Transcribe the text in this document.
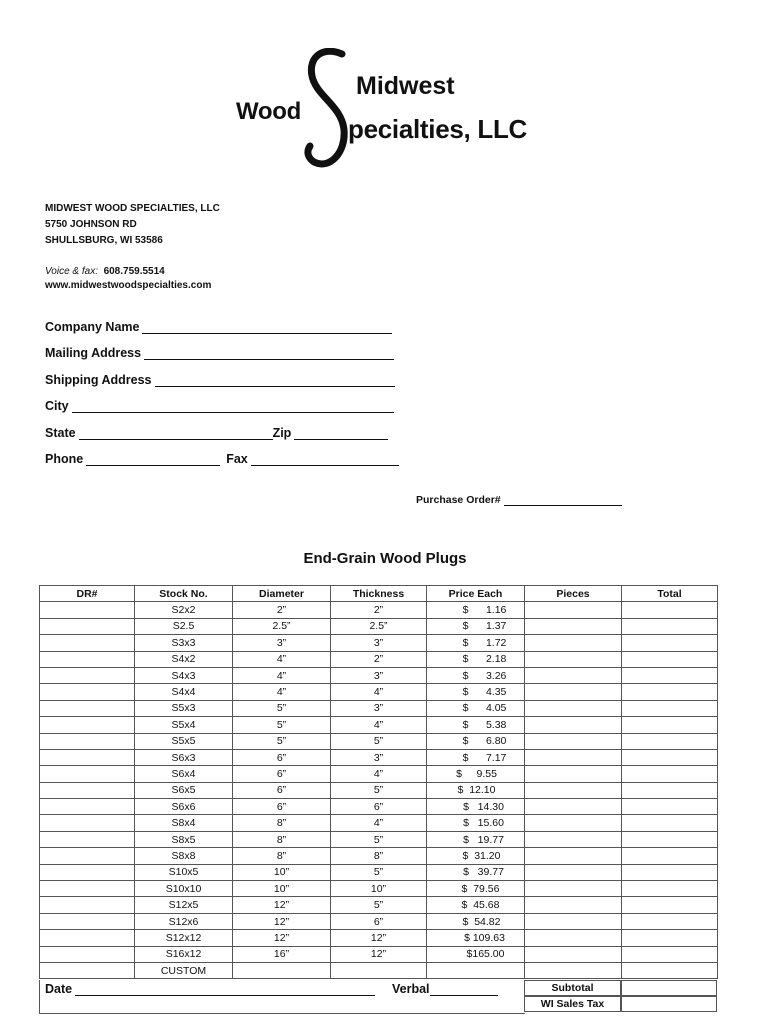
Wood
Midwest
pecialties, LLC
MIDWEST WOOD SPECIALTIES, LLC
5750 JOHNSON RD
SHULLSBURG, WI 53586
Voice & fax: 608.759.5514
www.midwestwoodspecialties.com
Company Name
Mailing Address
Shipping Address
City
State	Zip
Phone	Fax
Purchase Order#
End-Grain Wood Plugs
DR#	Stock No.	Diameter	Thickness	Price Each	Pieces	Total
	S2x2	2”	2”	$      1.16		
	S2.5	2.5”	2.5”	$      1.37		
	S3x3	3”	3”	$      1.72		
	S4x2	4”	2”	$      2.18		
	S4x3	4”	3”	$      3.26		
	S4x4	4”	4”	$      4.35		
	S5x3	5”	3”	$      4.05		
	S5x4	5”	4”	$      5.38		
	S5x5	5”	5”	$      6.80		
	S6x3	6”	3”	$      7.17		
	S6x4	6”	4”	$     9.55		
	S6x5	6”	5”	$  12.10		
	S6x6	6”	6”	$   14.30		
	S8x4	8”	4”	$   15.60		
	S8x5	8”	5”	$   19.77		
	S8x8	8”	8”	$  31.20		
	S10x5	10”	5”	$   39.77		
	S10x10	10”	10”	$  79.56		
	S12x5	12”	5”	$  45.68		
	S12x6	12”	6”	$  54.82		
	S12x12	12”	12”	$ 109.63		
	S16x12	16”	12”	$165.00		
	CUSTOM					
Date	Verbal	Subtotal
WI Sales Tax
